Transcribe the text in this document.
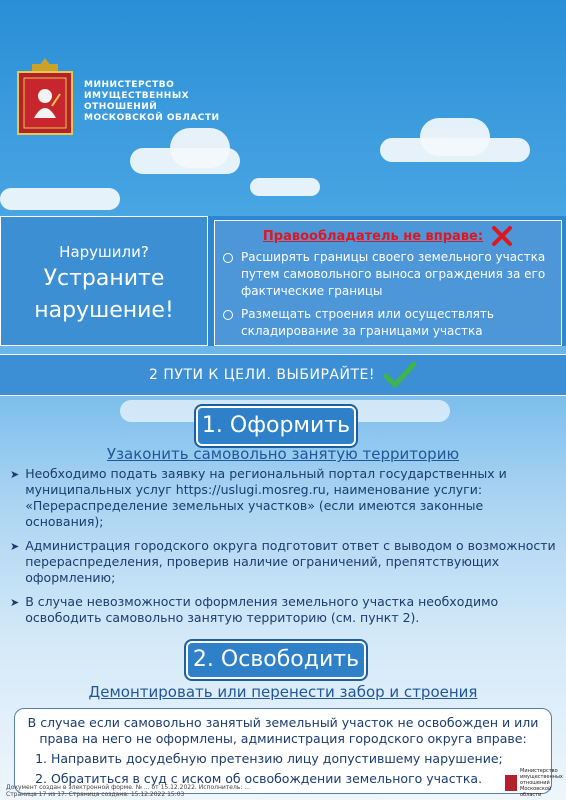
МИНИСТЕРСТВО
ИМУЩЕСТВЕННЫХ
ОТНОШЕНИЙ
МОСКОВСКОЙ ОБЛАСТИ
Нарушили?
Устраните
нарушение!
Правообладатель не вправе:
Расширять границы своего земельного участка путем самовольного выноса ограждения за его фактические границы
Размещать строения или осуществлять складирование за границами участка
2 ПУТИ К ЦЕЛИ. ВЫБИРАЙТЕ!
1. Оформить
Узаконить самовольно занятую территорию
➤ Необходимо подать заявку на региональный портал государственных и муниципальных услуг https://uslugi.mosreg.ru, наименование услуги: «Перераспределение земельных участков» (если имеются законные основания);
➤ Администрация городского округа подготовит ответ с выводом о возможности перераспределения, проверив наличие ограничений, препятствующих оформлению;
➤ В случае невозможности оформления земельного участка необходимо освободить самовольно занятую территорию (см. пункт 2).
2. Освободить
Демонтировать или перенести забор и строения

В случае если самовольно занятый земельный участок не освобожден и или права на него не оформлены, администрация городского округа вправе:

1. Направить досудебную претензию лицу допустившему нарушение;
2. Обратиться в суд с иском об освобождении земельного участка.
Документ создан в электронной форме. № ... от 15.12.2022. Исполнитель: ...
Страница 17 из 17. Страница создана: 15.12.2022 15:03
Министерство имущественных отношений Московской области
